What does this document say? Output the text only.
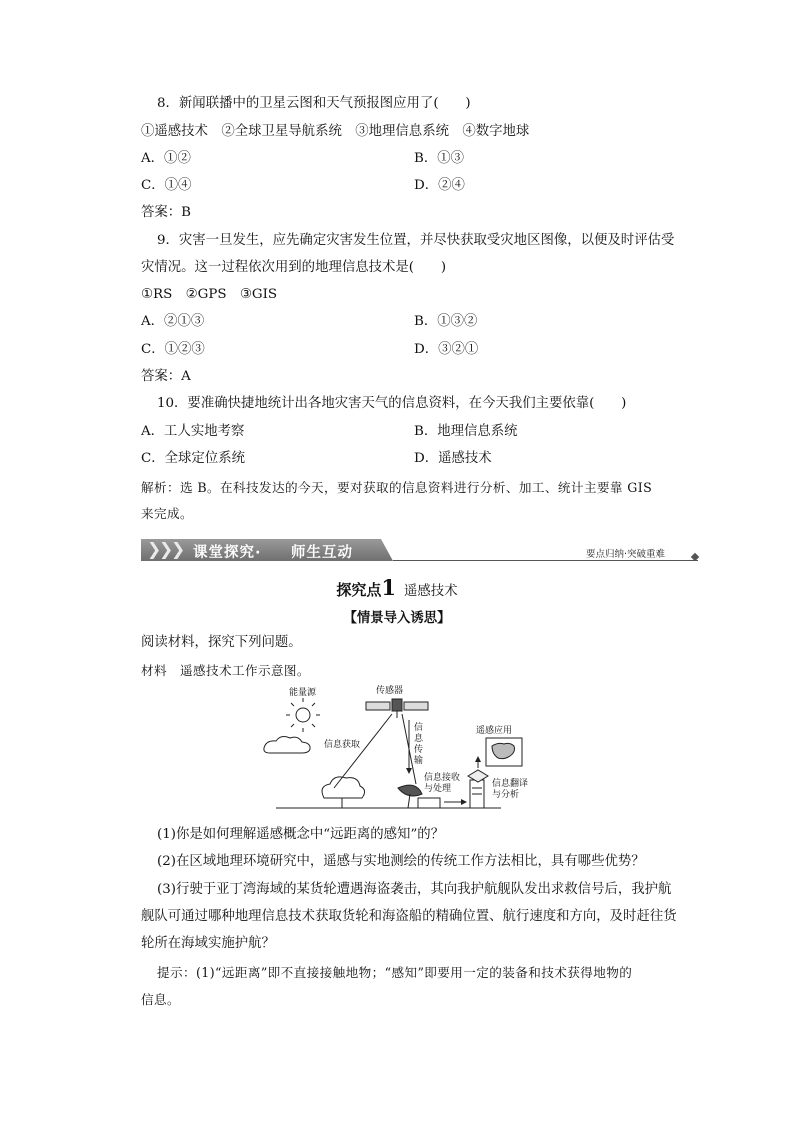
8．新闻联播中的卫星云图和天气预报图应用了(　　)
①遥感技术　②全球卫星导航系统　③地理信息系统　④数字地球
A．①②	B．①③
C．①④	D．②④
答案：B
9．灾害一旦发生，应先确定灾害发生位置，并尽快获取受灾地区图像，以便及时评估受
灾情况。这一过程依次用到的地理信息技术是(　　)
①RS　②GPS　③GIS
A．②①③	B．①③②
C．①②③	D．③②①
答案：A
10．要准确快捷地统计出各地灾害天气的信息资料，在今天我们主要依靠(　　)
A．工人实地考察	B．地理信息系统
C．全球定位系统	D．遥感技术
解析：选 B。在科技发达的今天，要对获取的信息资料进行分析、加工、统计主要靠 GIS
来完成。
❯
❯
❯ 课堂探究· 师生互动	要点归纳·突破重难
探究点1 遥感技术
【情景导入诱思】
阅读材料，探究下列问题。
材料　遥感技术工作示意图。
能量源	传感器
信息获取
信
息
传
输
信息接收
与处理	信息翻译
与分析
遥感应用
(1)你是如何理解遥感概念中“远距离的感知”的？
(2)在区域地理环境研究中，遥感与实地测绘的传统工作方法相比，具有哪些优势？
(3)行驶于亚丁湾海域的某货轮遭遇海盗袭击，其向我护航舰队发出求救信号后，我护航
舰队可通过哪种地理信息技术获取货轮和海盗船的精确位置、航行速度和方向，及时赶往货
轮所在海域实施护航？
提示：(1)“远距离”即不直接接触地物；“感知”即要用一定的装备和技术获得地物的
信息。
